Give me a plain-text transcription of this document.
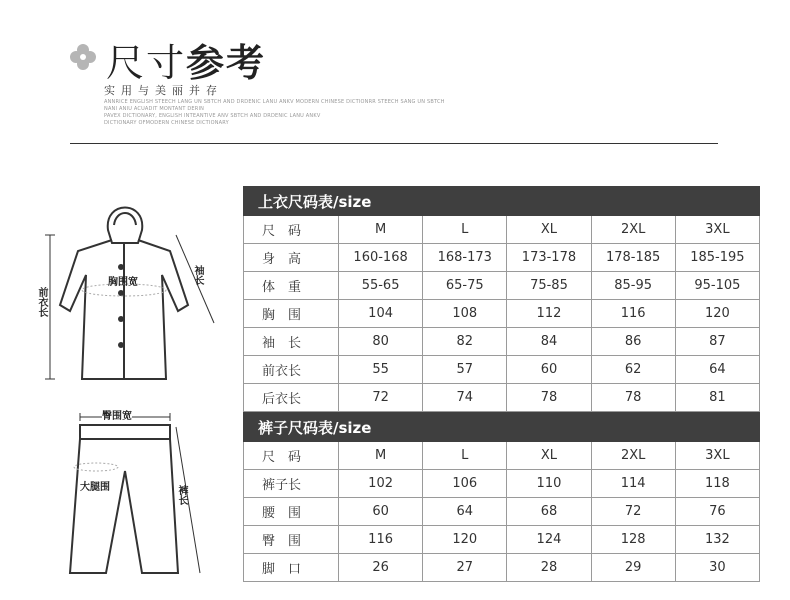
尺寸参考
实用与美丽并存
ANNRICE ENGLISH STEECH LANG UN SBTCH AND DRDENIC LANU ANKV MODERN CHINESE DICTIONRR STEECH SANG UN SBTCH
NANI ANIU ACUADIT MONTANT DERIN
PAVEX DICTIONARY, ENGLISH INTEANTIVE ANV SBTCH AND DRDENIC LANU ANKV
DICTIONARY OFMODERN CHINESE DICTIONARY
胸围宽	袖长
前衣长
臀围宽
大腿围	裤长
上衣尺码表/size					
尺　码	M	L	XL	2XL	3XL
身　高	160-168	168-173	173-178	178-185	185-195
体　重	55-65	65-75	75-85	85-95	95-105
胸　围	104	108	112	116	120
袖　长	80	82	84	86	87
前衣长	55	57	60	62	64
后衣长	72	74	78	78	81
裤子尺码表/size					
尺　码	M	L	XL	2XL	3XL
裤子长	102	106	110	114	118
腰　围	60	64	68	72	76
臀　围	116	120	124	128	132
脚　口	26	27	28	29	30
